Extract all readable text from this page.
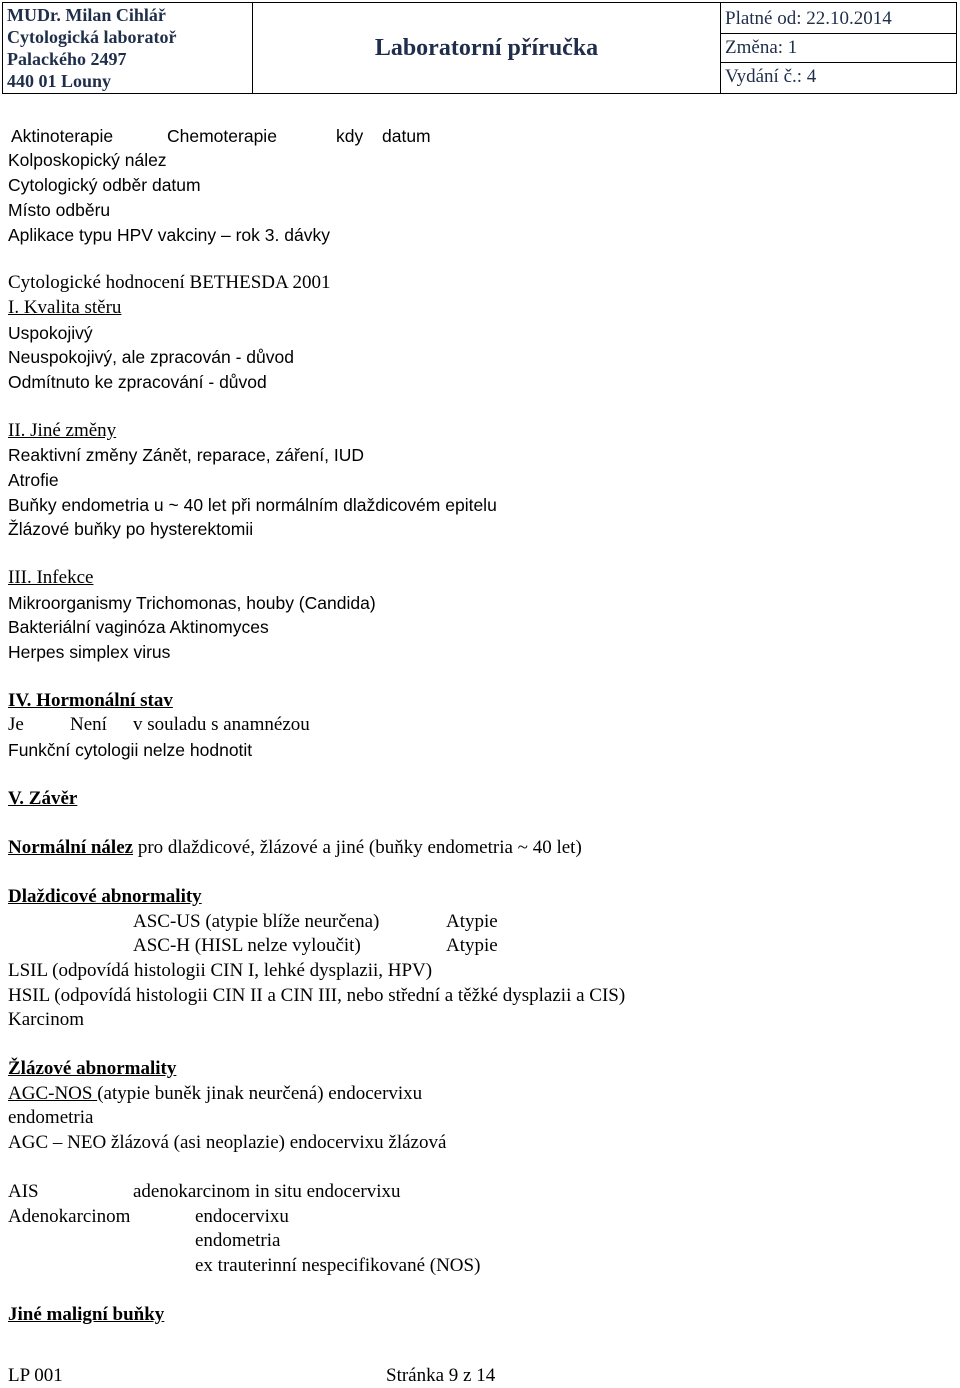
MUDr. Milan Cihlář
Cytologická laboratoř
Palackého 2497
440 01 Louny
	Laboratorní příručka	
Platné od: 22.10.2014
Změna: 1
Vydání č.: 4
Aktinoterapie	Chemoterapie	kdy datum
Kolposkopický nález
Cytologický odběr datum
Místo odběru
Aplikace typu HPV vakciny – rok 3. dávky
Cytologické hodnocení BETHESDA 2001
I. Kvalita stěru
Uspokojivý
Neuspokojivý, ale zpracován - důvod
Odmítnuto ke zpracování - důvod
II. Jiné změny
Reaktivní změny Zánět, reparace, záření, IUD
Atrofie
Buňky endometria u ~ 40 let při normálním dlaždicovém epitelu
Žlázové buňky po hysterektomii
III. Infekce
Mikroorganismy Trichomonas, houby (Candida)
Bakteriální vaginóza Aktinomyces
Herpes simplex virus
IV. Hormonální stav
Je Není v souladu s anamnézou
Funkční cytologii nelze hodnotit
V. Závěr
Normální nález pro dlaždicové, žlázové a jiné (buňky endometria ~ 40 let)
Dlaždicové abnormality
ASC-US (atypie blíže neurčena)	Atypie
ASC-H (HISL nelze vyloučit)	Atypie
LSIL (odpovídá histologii CIN I, lehké dysplazii, HPV)
HSIL (odpovídá histologii CIN II a CIN III, nebo střední a těžké dysplazii a CIS)
Karcinom
Žlázové abnormality
AGC-NOS (atypie buněk jinak neurčená) endocervixu
endometria
AGC – NEO žlázová (asi neoplazie) endocervixu žlázová
AIS	adenokarcinom in situ endocervixu
Adenokarcinom	endocervixu
endometria
ex trauterinní nespecifikované (NOS)
Jiné maligní buňky
LP 001	Stránka 9 z 14
